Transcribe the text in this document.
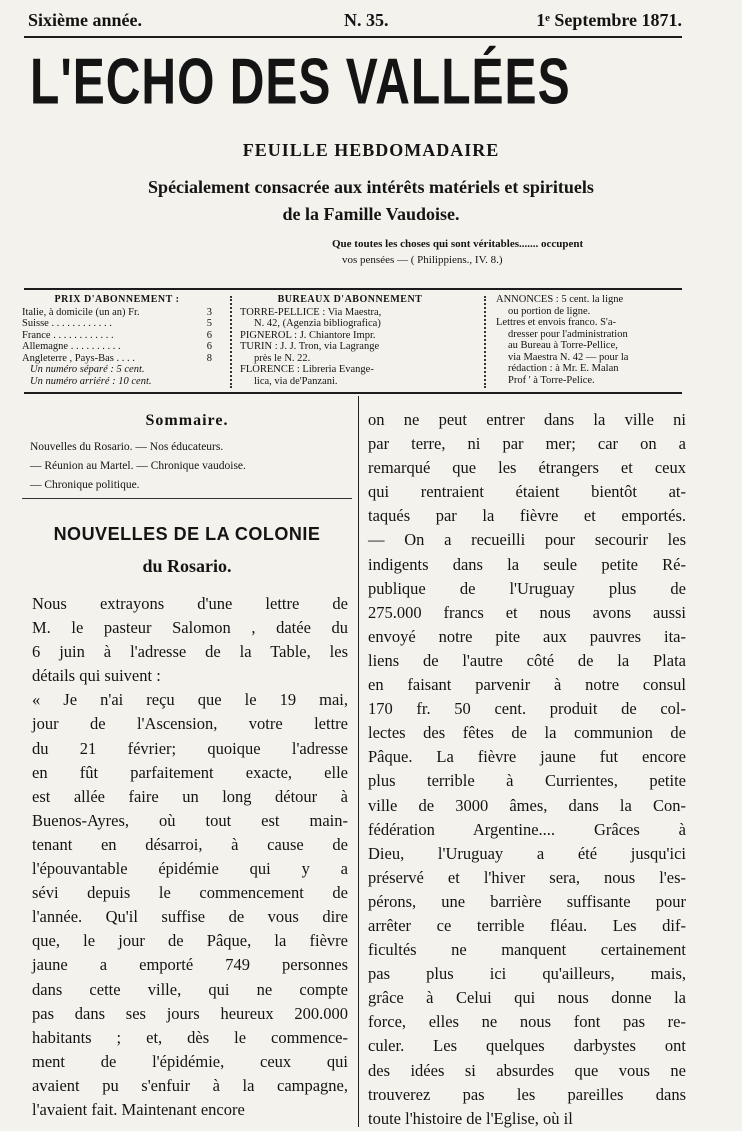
Sixième année.	N. 35.	1ᵉ Septembre 1871.
L'ECHO DES VALLÉES
FEUILLE HEBDOMADAIRE
Spécialement consacrée aux intérêts matériels et spirituels
de la Famille Vaudoise.
Que toutes les choses qui sont véritables....... occupent
vos pensées — ( Philippiens., IV. 8.)
PRIX D'ABONNEMENT :
Italie, à domicile (un an) Fr.	3
Suisse . . . . . . . . . . . .	5
France . . . . . . . . . . . .	6
Allemagne . . . . . . . . . .	6
Angleterre , Pays-Bas . . . .	8
Un numéro séparé : 5 cent.
Un numéro arriéré : 10 cent.
BUREAUX D'ABONNEMENT
TORRE-PELLICE : Via Maestra,
N. 42, (Agenzia bibliografica)
PIGNEROL : J. Chiantore Impr.
TURIN : J. J. Tron, via Lagrange
près le N. 22.
FLORENCE : Libreria Evange-
lica, via de'Panzani.
ANNONCES : 5 cent. la ligne
ou portion de ligne.
Lettres et envois franco. S'a-
dresser pour l'administration
au Bureau à Torre-Pellice,
via Maestra N. 42 — pour la
rédaction : à Mr. E. Malan
Prof ' à Torre-Pelice.
Sommaire.
Nouvelles du Rosario. — Nos éducateurs.
— Réunion au Martel. — Chronique vaudoise.
— Chronique politique.
NOUVELLES DE LA COLONIE
du Rosario.
Nous extrayons d'une lettre de
M. le pasteur Salomon , datée du
6 juin à l'adresse de la Table, les
détails qui suivent :
« Je n'ai reçu que le 19 mai,
jour de l'Ascension, votre lettre
du 21 février; quoique l'adresse
en fût parfaitement exacte, elle
est allée faire un long détour à
Buenos-Ayres, où tout est main-
tenant en désarroi, à cause de
l'épouvantable épidémie qui y a
sévi depuis le commencement de
l'année. Qu'il suffise de vous dire
que, le jour de Pâque, la fièvre
jaune a emporté 749 personnes
dans cette ville, qui ne compte
pas dans ses jours heureux 200.000
habitants ; et, dès le commence-
ment de l'épidémie, ceux qui
avaient pu s'enfuir à la campagne,
l'avaient fait. Maintenant encore
on ne peut entrer dans la ville ni
par terre, ni par mer; car on a
remarqué que les étrangers et ceux
qui rentraient étaient bientôt at-
taqués par la fièvre et emportés.
— On a recueilli pour secourir les
indigents dans la seule petite Ré-
publique de l'Uruguay plus de
275.000 francs et nous avons aussi
envoyé notre pite aux pauvres ita-
liens de l'autre côté de la Plata
en faisant parvenir à notre consul
170 fr. 50 cent. produit de col-
lectes des fêtes de la communion de
Pâque. La fièvre jaune fut encore
plus terrible à Currientes, petite
ville de 3000 âmes, dans la Con-
fédération Argentine.... Grâces à
Dieu, l'Uruguay a été jusqu'ici
préservé et l'hiver sera, nous l'es-
pérons, une barrière suffisante pour
arrêter ce terrible fléau. Les dif-
ficultés ne manquent certainement
pas plus ici qu'ailleurs, mais,
grâce à Celui qui nous donne la
force, elles ne nous font pas re-
culer. Les quelques darbystes ont
des idées si absurdes que vous ne
trouverez pas les pareilles dans
toute l'histoire de l'Eglise, où il
